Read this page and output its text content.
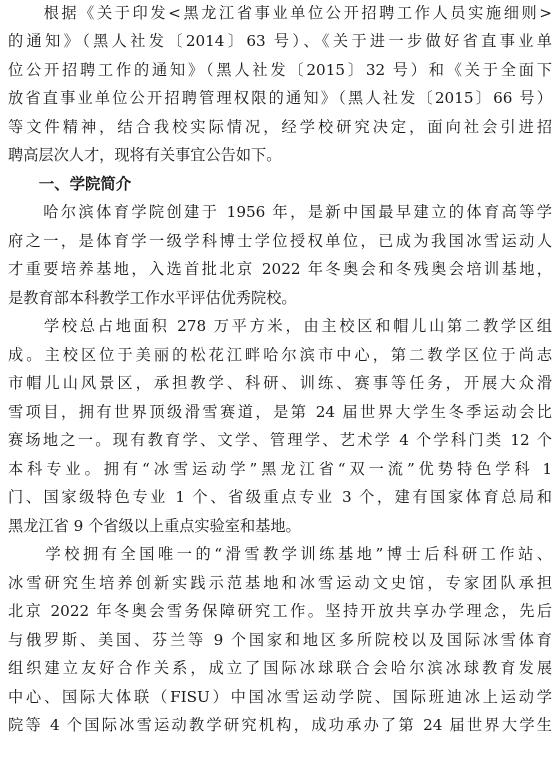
　　根据《关于印发<黑龙江省事业单位公开招聘工作人员实施细则>
的通知》（黑人社发〔2014〕63 号）、《关于进一步做好省直事业单
位公开招聘工作的通知》（黑人社发〔2015〕32 号）和《关于全面下
放省直事业单位公开招聘管理权限的通知》（黑人社发〔2015〕66 号）
等文件精神，结合我校实际情况，经学校研究决定，面向社会引进招
聘高层次人才，现将有关事宜公告如下。
　　一、学院简介
　　哈尔滨体育学院创建于 1956 年，是新中国最早建立的体育高等学
府之一，是体育学一级学科博士学位授权单位，已成为我国冰雪运动人
才重要培养基地，入选首批北京 2022 年冬奥会和冬残奥会培训基地，
是教育部本科教学工作水平评估优秀院校。
　　学校总占地面积 278 万平方米，由主校区和帽儿山第二教学区组
成。主校区位于美丽的松花江畔哈尔滨市中心，第二教学区位于尚志
市帽儿山风景区，承担教学、科研、训练、赛事等任务，开展大众滑
雪项目，拥有世界顶级滑雪赛道，是第 24 届世界大学生冬季运动会比
赛场地之一。现有教育学、文学、管理学、艺术学 4 个学科门类 12 个
本科专业。拥有“冰雪运动学”黑龙江省“双一流”优势特色学科 1
门、国家级特色专业 1 个、省级重点专业 3 个，建有国家体育总局和
黑龙江省 9 个省级以上重点实验室和基地。
　　学校拥有全国唯一的“滑雪教学训练基地”博士后科研工作站、
冰雪研究生培养创新实践示范基地和冰雪运动文史馆，专家团队承担
北京 2022 年冬奥会雪务保障研究工作。坚持开放共享办学理念，先后
与俄罗斯、美国、芬兰等 9 个国家和地区多所院校以及国际冰雪体育
组织建立友好合作关系，成立了国际冰球联合会哈尔滨冰球教育发展
中心、国际大体联（FISU）中国冰雪运动学院、国际班迪冰上运动学
院等 4 个国际冰雪运动教学研究机构，成功承办了第 24 届世界大学生
